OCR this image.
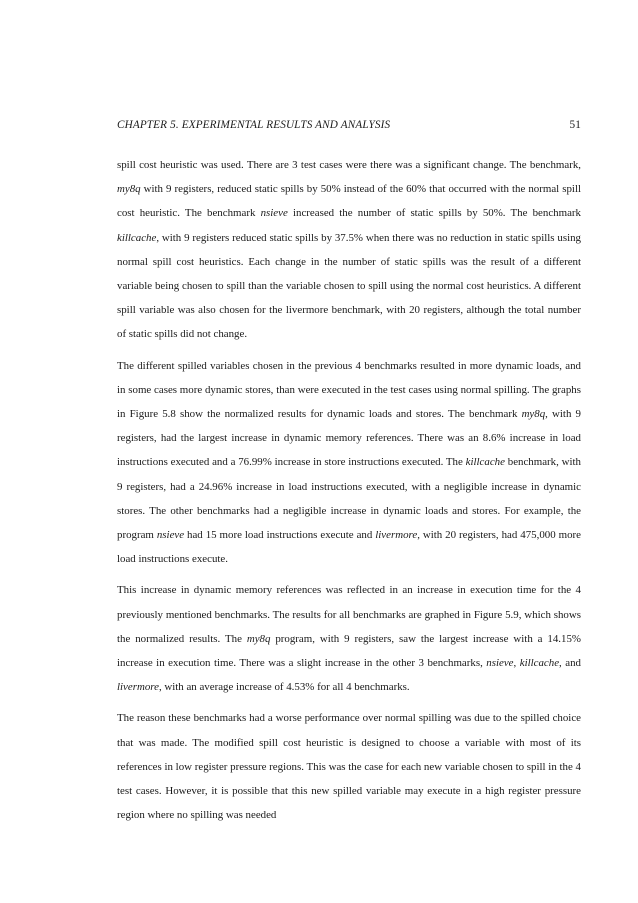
CHAPTER 5. EXPERIMENTAL RESULTS AND ANALYSIS	51

spill cost heuristic was used. There are 3 test cases were there was a significant change. The benchmark, my8q with 9 registers, reduced static spills by 50% instead of the 60% that occurred with the normal spill cost heuristic. The benchmark nsieve increased the number of static spills by 50%. The benchmark killcache, with 9 registers reduced static spills by 37.5% when there was no reduction in static spills using normal spill cost heuristics. Each change in the number of static spills was the result of a different variable being chosen to spill than the variable chosen to spill using the normal cost heuristics. A different spill variable was also chosen for the livermore benchmark, with 20 registers, although the total number of static spills did not change.

The different spilled variables chosen in the previous 4 benchmarks resulted in more dynamic loads, and in some cases more dynamic stores, than were executed in the test cases using normal spilling. The graphs in Figure 5.8 show the normalized results for dynamic loads and stores. The benchmark my8q, with 9 registers, had the largest increase in dynamic memory references. There was an 8.6% increase in load instructions executed and a 76.99% increase in store instructions executed. The killcache benchmark, with 9 registers, had a 24.96% increase in load instructions executed, with a negligible increase in dynamic stores. The other benchmarks had a negligible increase in dynamic loads and stores. For example, the program nsieve had 15 more load instructions execute and livermore, with 20 registers, had 475,000 more load instructions execute.

This increase in dynamic memory references was reflected in an increase in execution time for the 4 previously mentioned benchmarks. The results for all benchmarks are graphed in Figure 5.9, which shows the normalized results. The my8q program, with 9 registers, saw the largest increase with a 14.15% increase in execution time. There was a slight increase in the other 3 benchmarks, nsieve, killcache, and livermore, with an average increase of 4.53% for all 4 benchmarks.

The reason these benchmarks had a worse performance over normal spilling was due to the spilled choice that was made. The modified spill cost heuristic is designed to choose a variable with most of its references in low register pressure regions. This was the case for each new variable chosen to spill in the 4 test cases. However, it is possible that this new spilled variable may execute in a high register pressure region where no spilling was needed
